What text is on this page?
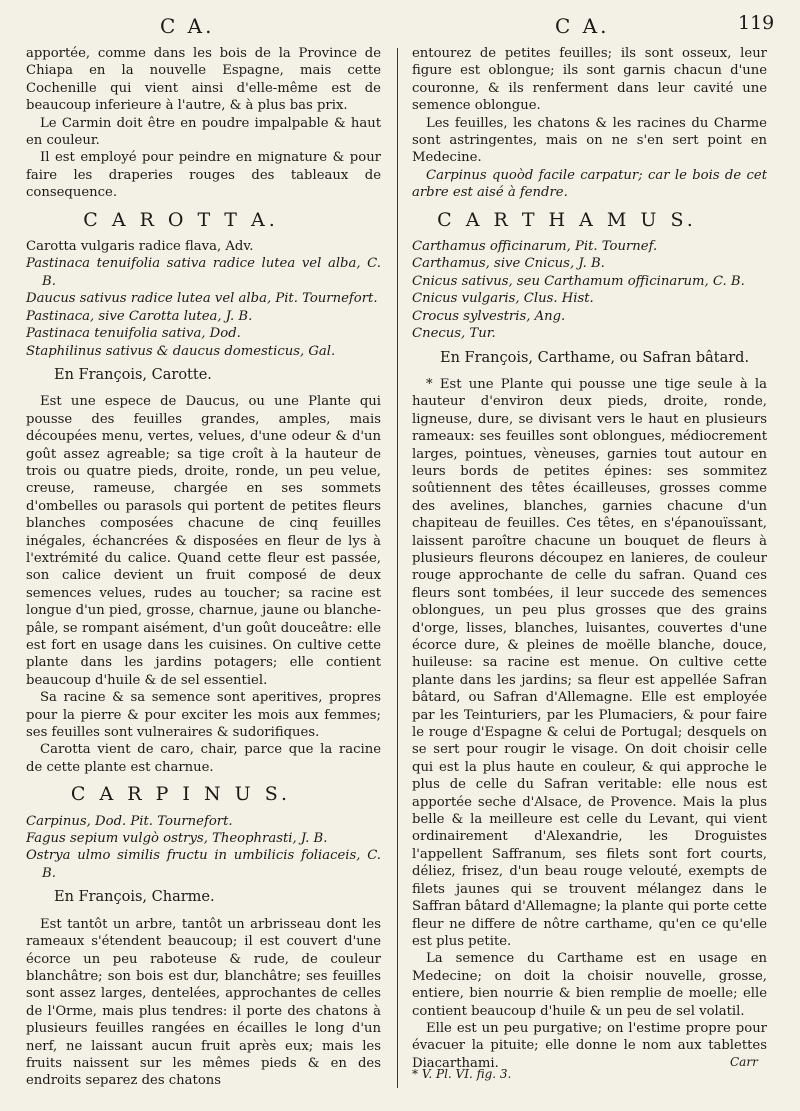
C A.	C A.	119

apportée, comme dans les bois de la Province de Chiapa en la nouvelle Espagne, mais cette Cochenille qui vient ainsi d'elle-même est de beaucoup inferieure à l'autre, & à plus bas prix.

Le Carmin doit être en poudre impalpable & haut en couleur.

Il est employé pour peindre en mignature & pour faire les draperies rouges des tableaux de consequence.

C A R O T T A.

Carotta vulgaris radice flava, Adv.

Pastinaca tenuifolia sativa radice lutea vel alba, C. B.

Daucus sativus radice lutea vel alba, Pit. Tournefort.

Pastinaca, sive Carotta lutea, J. B.

Pastinaca tenuifolia sativa, Dod.

Staphilinus sativus & daucus domesticus, Gal.

En François, Carotte.

Est une espece de Daucus, ou une Plante qui pousse des feuilles grandes, amples, mais découpées menu, vertes, velues, d'une odeur & d'un goût assez agreable; sa tige croît à la hauteur de trois ou quatre pieds, droite, ronde, un peu velue, creuse, rameuse, chargée en ses sommets d'ombelles ou parasols qui portent de petites fleurs blanches composées chacune de cinq feuilles inégales, échancrées & disposées en fleur de lys à l'extrémité du calice. Quand cette fleur est passée, son calice devient un fruit composé de deux semences velues, rudes au toucher; sa racine est longue d'un pied, grosse, charnue, jaune ou blanche-pâle, se rompant aisément, d'un goût douceâtre: elle est fort en usage dans les cuisines. On cultive cette plante dans les jardins potagers; elle contient beaucoup d'huile & de sel essentiel.

Sa racine & sa semence sont aperitives, propres pour la pierre & pour exciter les mois aux femmes; ses feuilles sont vulneraires & sudorifiques.

Carotta vient de caro, chair, parce que la racine de cette plante est charnue.

C A R P I N U S.

Carpinus, Dod. Pit. Tournefort.

Fagus sepium vulgò ostrys, Theophrasti, J. B.

Ostrya ulmo similis fructu in umbilicis foliaceis, C. B.

En François, Charme.

Est tantôt un arbre, tantôt un arbrisseau dont les rameaux s'étendent beaucoup; il est couvert d'une écorce un peu raboteuse & rude, de couleur blanchâtre; son bois est dur, blanchâtre; ses feuilles sont assez larges, dentelées, approchantes de celles de l'Orme, mais plus tendres: il porte des chatons à plusieurs feuilles rangées en écailles le long d'un nerf, ne laissant aucun fruit après eux; mais les fruits naissent sur les mêmes pieds & en des endroits separez des chatons

entourez de petites feuilles; ils sont osseux, leur figure est oblongue; ils sont garnis chacun d'une couronne, & ils renferment dans leur cavité une semence oblongue.

Les feuilles, les chatons & les racines du Charme sont astringentes, mais on ne s'en sert point en Medecine.

Carpinus quoòd facile carpatur; car le bois de cet arbre est aisé à fendre.

C A R T H A M U S.

Carthamus officinarum, Pit. Tournef.

Carthamus, sive Cnicus, J. B.

Cnicus sativus, seu Carthamum officinarum, C. B.

Cnicus vulgaris, Clus. Hist.

Crocus sylvestris, Ang.

Cnecus, Tur.

En François, Carthame, ou Safran bâtard.

* Est une Plante qui pousse une tige seule à la hauteur d'environ deux pieds, droite, ronde, ligneuse, dure, se divisant vers le haut en plusieurs rameaux: ses feuilles sont oblongues, médiocrement larges, pointues, vèneuses, garnies tout autour en leurs bords de petites épines: ses sommitez soûtiennent des têtes écailleuses, grosses comme des avelines, blanches, garnies chacune d'un chapiteau de feuilles. Ces têtes, en s'épanouïssant, laissent paroître chacune un bouquet de fleurs à plusieurs fleurons découpez en lanieres, de couleur rouge approchante de celle du safran. Quand ces fleurs sont tombées, il leur succede des semences oblongues, un peu plus grosses que des grains d'orge, lisses, blanches, luisantes, couvertes d'une écorce dure, & pleines de moëlle blanche, douce, huileuse: sa racine est menue. On cultive cette plante dans les jardins; sa fleur est appellée Safran bâtard, ou Safran d'Allemagne. Elle est employée par les Teinturiers, par les Plumaciers, & pour faire le rouge d'Espagne & celui de Portugal; desquels on se sert pour rougir le visage. On doit choisir celle qui est la plus haute en couleur, & qui approche le plus de celle du Safran veritable: elle nous est apportée seche d'Alsace, de Provence. Mais la plus belle & la meilleure est celle du Levant, qui vient ordinairement d'Alexandrie, les Droguistes l'appellent Saffranum, ses filets sont fort courts, déliez, frisez, d'un beau rouge velouté, exempts de filets jaunes qui se trouvent mélangez dans le Saffran bâtard d'Allemagne; la plante qui porte cette fleur ne differe de nôtre carthame, qu'en ce qu'elle est plus petite.

La semence du Carthame est en usage en Medecine; on doit la choisir nouvelle, grosse, entiere, bien nourrie & bien remplie de moelle; elle contient beaucoup d'huile & un peu de sel volatil.

Elle est un peu purgative; on l'estime propre pour évacuer la pituite; elle donne le nom aux tablettes Diacarthami.	Carr
* V. Pl. VI. fig. 3.
